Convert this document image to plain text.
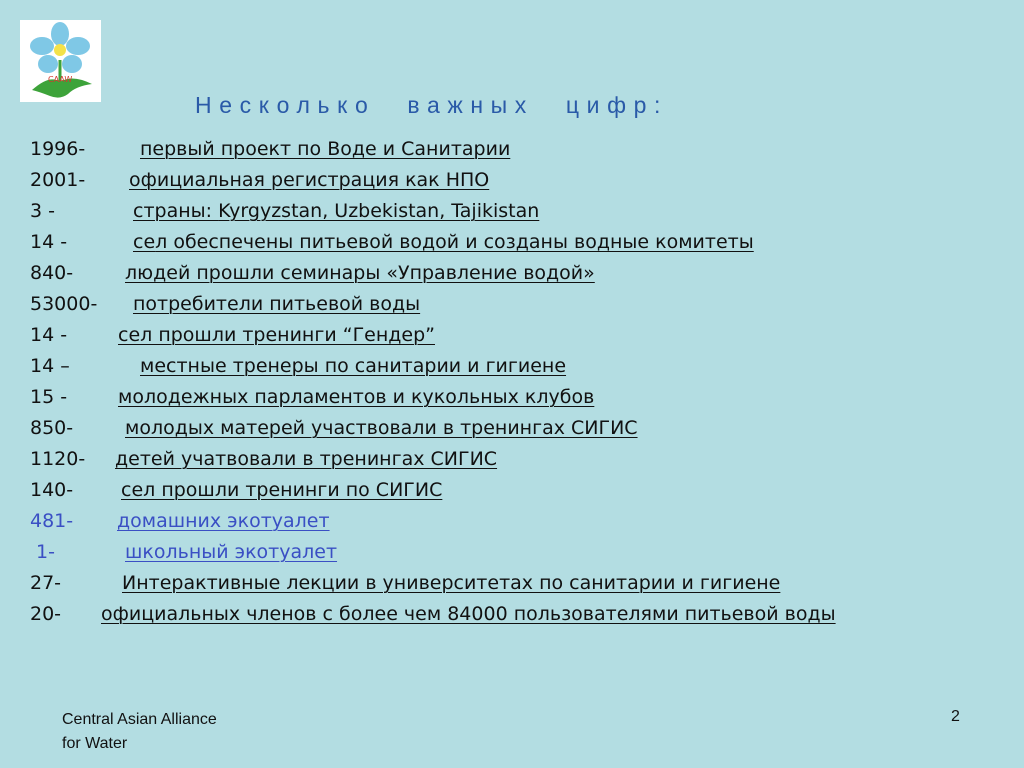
CAAW
Несколько важных цифр:
1996-	первый проект по Воде и Санитарии
2001- официальная регистрация как НПО
3 -	страны: Kyrgyzstan, Uzbekistan, Tajikistan
14 -	сел обеспечены питьевой водой и созданы водные комитеты
840-	людей прошли семинары «Управление водой»
53000- потребители питьевой воды
14 -	сел прошли тренинги “Гендер”
14 –	местные тренеры по санитарии и гигиене
15 -	молодежных парламентов и кукольных клубов
850-	молодых матерей участвовали в тренингах СИГИС
1120- детей учатвовали в тренингах СИГИС
140-	сел прошли тренинги по СИГИС
481- домашних экотуалет
1-	школьный экотуалет
27-	Интерактивные лекции в университетах по санитарии и гигиене
20- официальных членов с более чем 84000 пользователями питьевой воды
Central Asian Alliance
for Water
2
